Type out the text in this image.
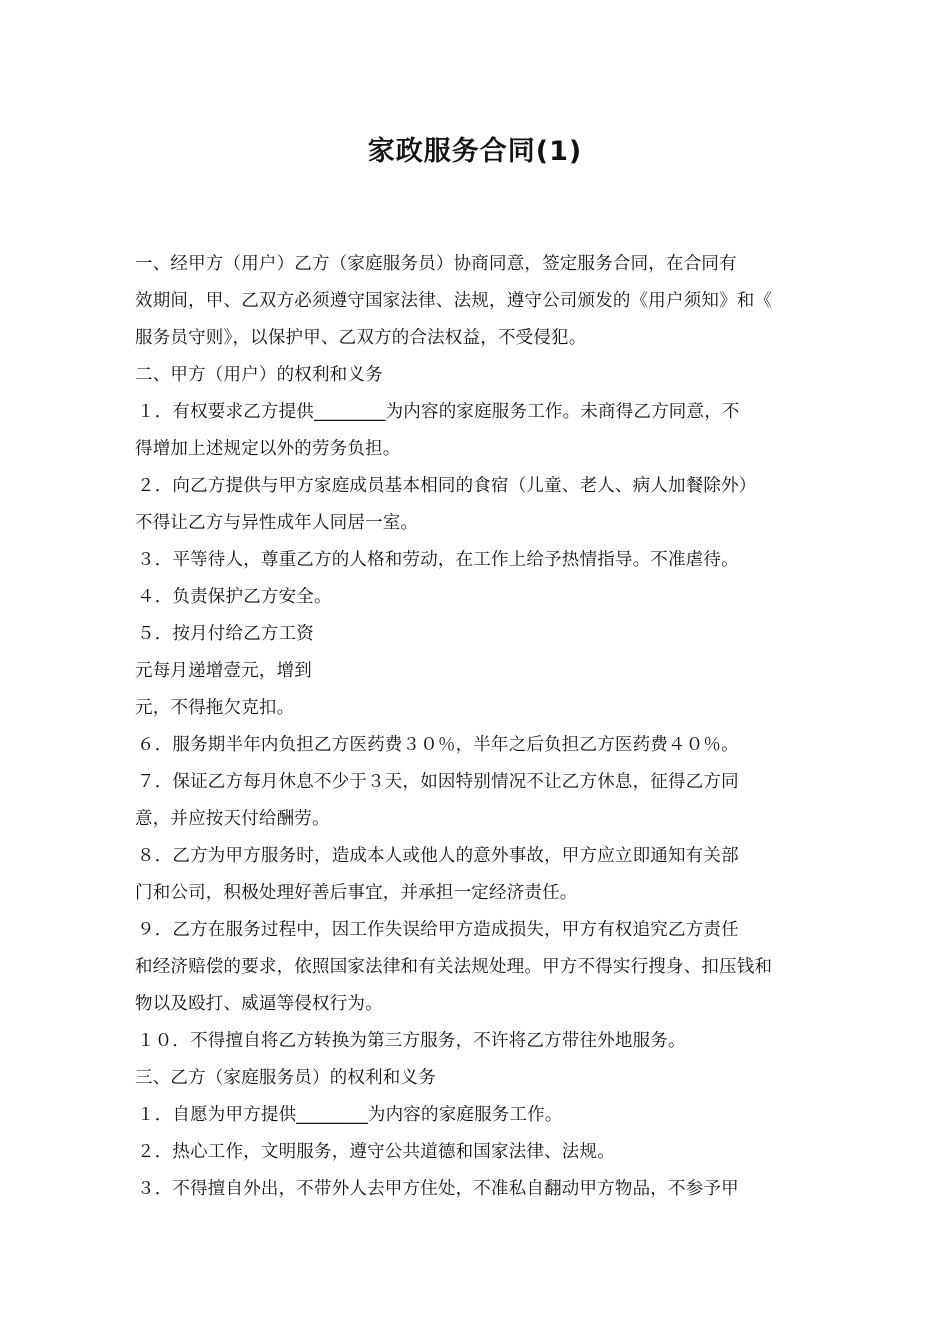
家政服务合同(1)
一、经甲方（用户）乙方（家庭服务员）协商同意，签定服务合同，在合同有
效期间，甲、乙双方必须遵守国家法律、法规，遵守公司颁发的《用户须知》和《
服务员守则》，以保护甲、乙双方的合法权益，不受侵犯。
二、甲方（用户）的权利和义务
１．有权要求乙方提供________为内容的家庭服务工作。未商得乙方同意，不
得增加上述规定以外的劳务负担。
２．向乙方提供与甲方家庭成员基本相同的食宿（儿童、老人、病人加餐除外）
不得让乙方与异性成年人同居一室。
３．平等待人，尊重乙方的人格和劳动，在工作上给予热情指导。不准虐待。
４．负责保护乙方安全。
５．按月付给乙方工资
元每月递增壹元，增到
元，不得拖欠克扣。
６．服务期半年内负担乙方医药费３０％，半年之后负担乙方医药费４０％。
７．保证乙方每月休息不少于３天，如因特别情况不让乙方休息，征得乙方同
意，并应按天付给酬劳。
８．乙方为甲方服务时，造成本人或他人的意外事故，甲方应立即通知有关部
门和公司，积极处理好善后事宜，并承担一定经济责任。
９．乙方在服务过程中，因工作失误给甲方造成损失，甲方有权追究乙方责任
和经济赔偿的要求，依照国家法律和有关法规处理。甲方不得实行搜身、扣压钱和
物以及殴打、威逼等侵权行为。
１０．不得擅自将乙方转换为第三方服务，不许将乙方带往外地服务。
三、乙方（家庭服务员）的权利和义务
１．自愿为甲方提供________为内容的家庭服务工作。
２．热心工作，文明服务，遵守公共道德和国家法律、法规。
３．不得擅自外出，不带外人去甲方住处，不准私自翻动甲方物品，不参予甲
